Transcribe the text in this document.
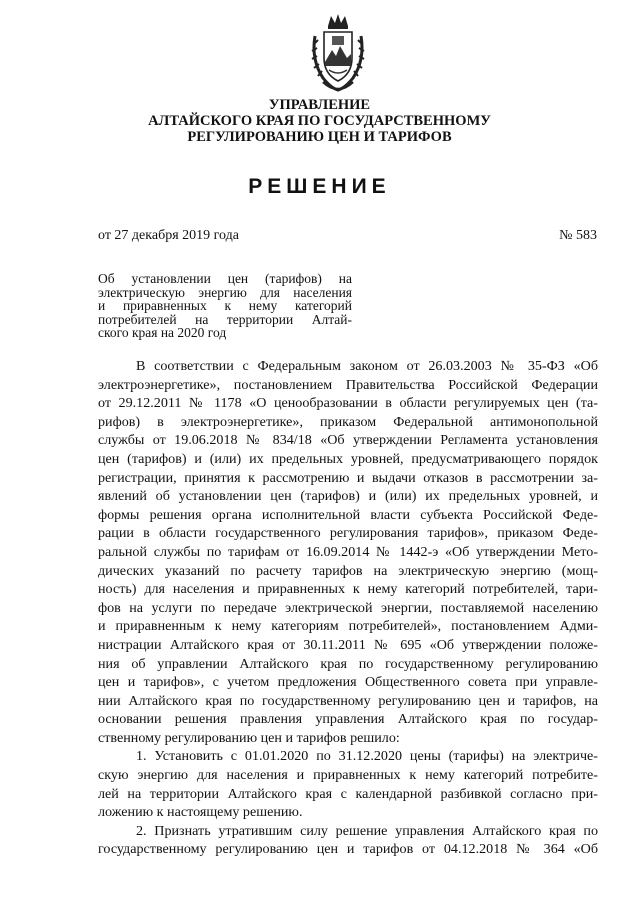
УПРАВЛЕНИЕ
АЛТАЙСКОГО КРАЯ ПО ГОСУДАРСТВЕННОМУ
РЕГУЛИРОВАНИЮ ЦЕН И ТАРИФОВ
РЕШЕНИЕ
от 27 декабря 2019 года	№ 583
Об установлении цен (тарифов) на
электрическую энергию для населения
и приравненных к нему категорий
потребителей на территории Алтай-
ского края на 2020 год
В соответствии с Федеральным законом от 26.03.2003 № 35-ФЗ «Об
электроэнергетике», постановлением Правительства Российской Федерации
от 29.12.2011 № 1178 «О ценообразовании в области регулируемых цен (та-
рифов) в электроэнергетике», приказом Федеральной антимонопольной
службы от 19.06.2018 № 834/18 «Об утверждении Регламента установления
цен (тарифов) и (или) их предельных уровней, предусматривающего порядок
регистрации, принятия к рассмотрению и выдачи отказов в рассмотрении за-
явлений об установлении цен (тарифов) и (или) их предельных уровней, и
формы решения органа исполнительной власти субъекта Российской Феде-
рации в области государственного регулирования тарифов», приказом Феде-
ральной службы по тарифам от 16.09.2014 № 1442-э «Об утверждении Мето-
дических указаний по расчету тарифов на электрическую энергию (мощ-
ность) для населения и приравненных к нему категорий потребителей, тари-
фов на услуги по передаче электрической энергии, поставляемой населению
и приравненным к нему категориям потребителей», постановлением Адми-
нистрации Алтайского края от 30.11.2011 № 695 «Об утверждении положе-
ния об управлении Алтайского края по государственному регулированию
цен и тарифов», с учетом предложения Общественного совета при управле-
нии Алтайского края по государственному регулированию цен и тарифов, на
основании решения правления управления Алтайского края по государ-
ственному регулированию цен и тарифов решило:
1. Установить с 01.01.2020 по 31.12.2020 цены (тарифы) на электриче-
скую энергию для населения и приравненных к нему категорий потребите-
лей на территории Алтайского края с календарной разбивкой согласно при-
ложению к настоящему решению.
2. Признать утратившим силу решение управления Алтайского края по
государственному регулированию цен и тарифов от 04.12.2018 № 364 «Об
